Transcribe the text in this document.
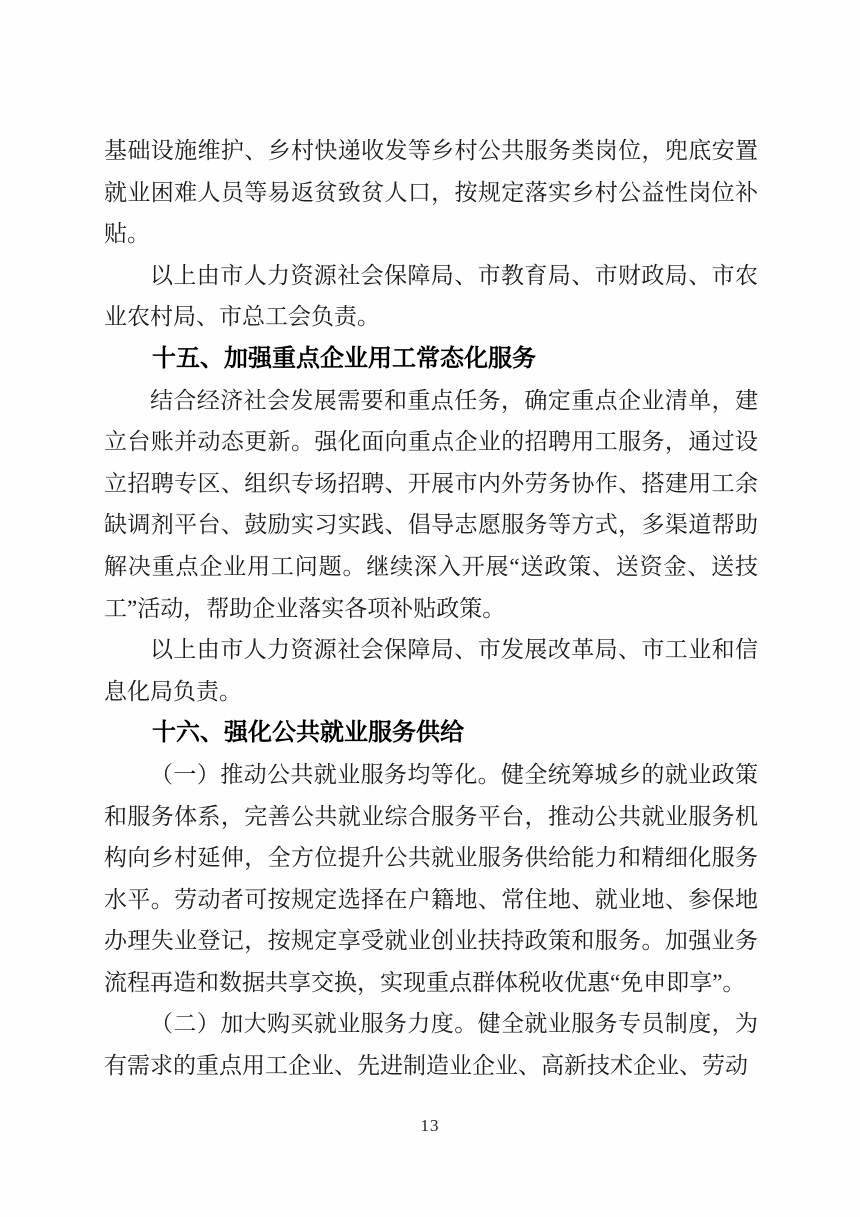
基础设施维护、乡村快递收发等乡村公共服务类岗位，兜底安置就业困难人员等易返贫致贫人口，按规定落实乡村公益性岗位补贴。

以上由市人力资源社会保障局、市教育局、市财政局、市农业农村局、市总工会负责。

十五、加强重点企业用工常态化服务

结合经济社会发展需要和重点任务，确定重点企业清单，建立台账并动态更新。强化面向重点企业的招聘用工服务，通过设立招聘专区、组织专场招聘、开展市内外劳务协作、搭建用工余缺调剂平台、鼓励实习实践、倡导志愿服务等方式，多渠道帮助解决重点企业用工问题。继续深入开展“送政策、送资金、送技工”活动，帮助企业落实各项补贴政策。

以上由市人力资源社会保障局、市发展改革局、市工业和信息化局负责。

十六、强化公共就业服务供给

（一）推动公共就业服务均等化。健全统筹城乡的就业政策和服务体系，完善公共就业综合服务平台，推动公共就业服务机构向乡村延伸，全方位提升公共就业服务供给能力和精细化服务水平。劳动者可按规定选择在户籍地、常住地、就业地、参保地办理失业登记，按规定享受就业创业扶持政策和服务。加强业务流程再造和数据共享交换，实现重点群体税收优惠“免申即享”。

（二）加大购买就业服务力度。健全就业服务专员制度，为有需求的重点用工企业、先进制造业企业、高新技术企业、劳动

13
